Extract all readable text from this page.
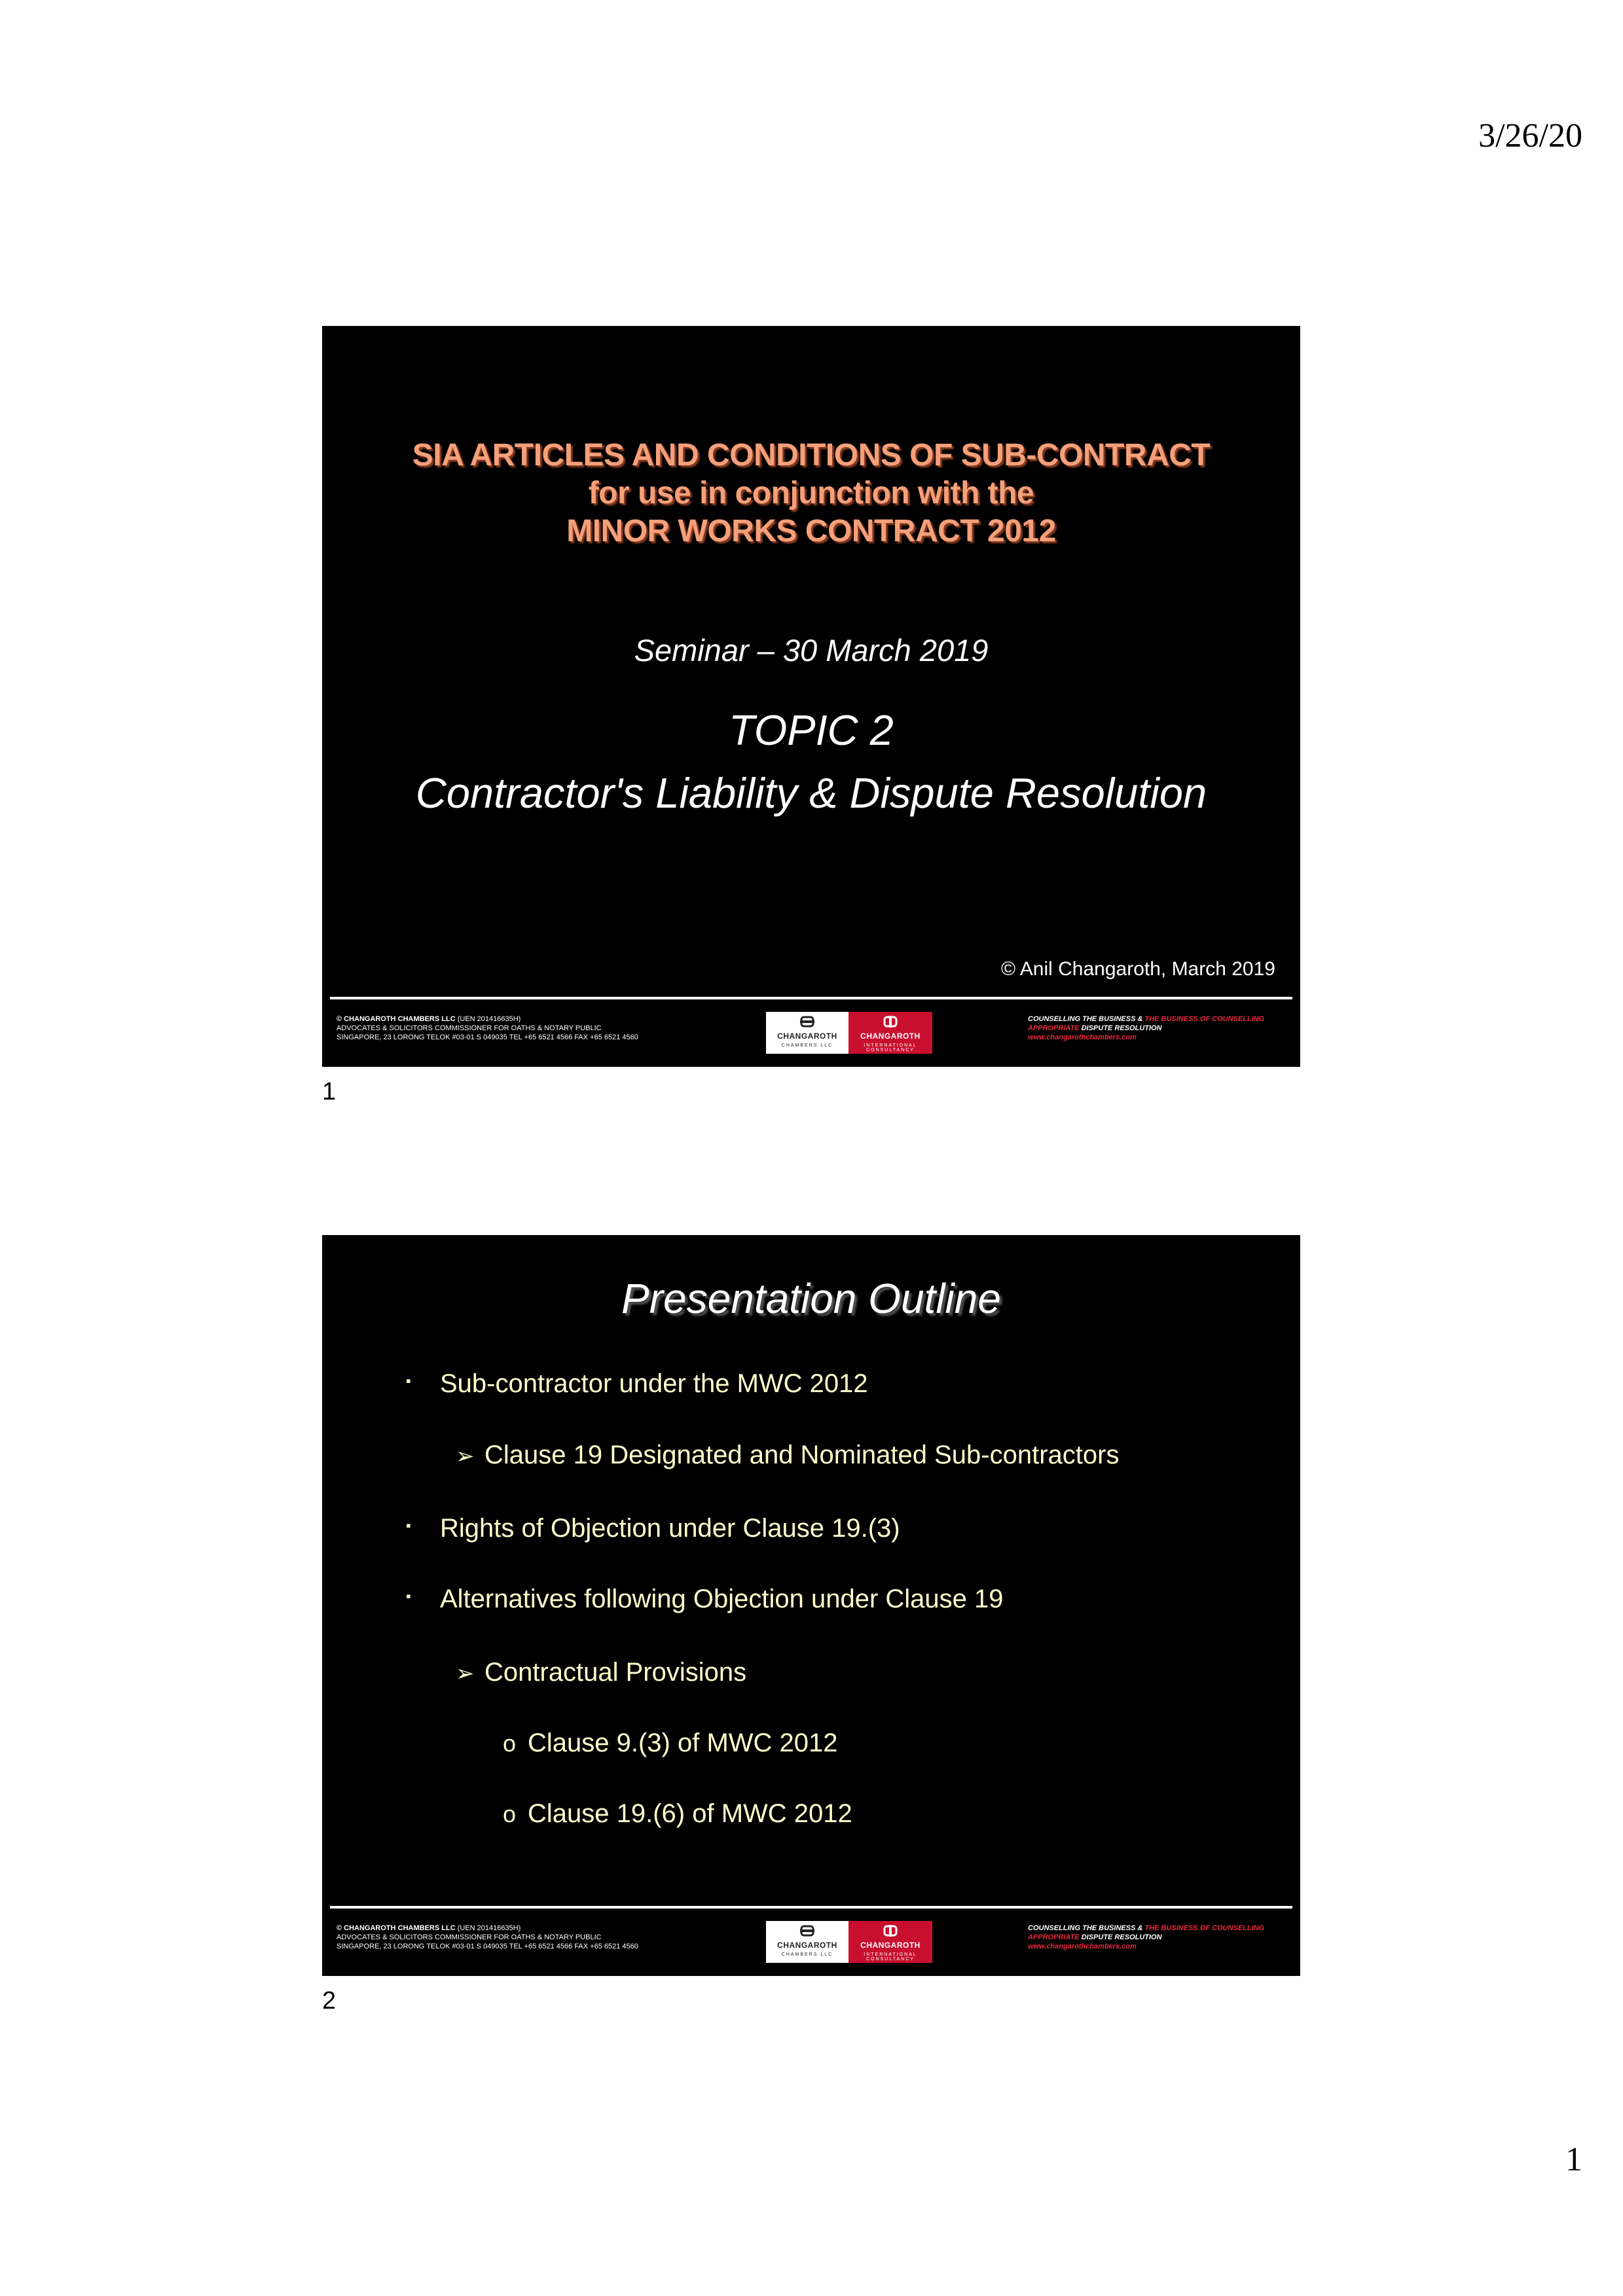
3/26/20
SIA ARTICLES AND CONDITIONS OF SUB-CONTRACT
for use in conjunction with the
MINOR WORKS CONTRACT 2012
Seminar – 30 March 2019
TOPIC 2
Contractor's Liability & Dispute Resolution
© Anil Changaroth, March 2019
© CHANGAROTH CHAMBERS LLC (UEN 201416635H)
ADVOCATES & SOLICITORS COMMISSIONER FOR OATHS & NOTARY PUBLIC
SINGAPORE, 23 LORONG TELOK #03-01 S 049035 TEL +65 6521 4566 FAX +65 6521 4560	CHANGAROTH
CHAMBERS LLC
CHANGAROTH
INTERNATIONAL CONSULTANCY
COUNSELLING THE BUSINESS & THE BUSINESS OF COUNSELLING
APPROPRIATE DISPUTE RESOLUTION
www.changarothchambers.com
1
Presentation Outline
▪ Sub-contractor under the MWC 2012
➢ Clause 19 Designated and Nominated Sub-contractors
▪ Rights of Objection under Clause 19.(3)
▪ Alternatives following Objection under Clause 19
➢ Contractual Provisions
o Clause 9.(3) of MWC 2012
o Clause 19.(6) of MWC 2012
© CHANGAROTH CHAMBERS LLC (UEN 201416635H)
ADVOCATES & SOLICITORS COMMISSIONER FOR OATHS & NOTARY PUBLIC
SINGAPORE, 23 LORONG TELOK #03-01 S 049035 TEL +65 6521 4566 FAX +65 6521 4560	CHANGAROTH
CHAMBERS LLC
CHANGAROTH
INTERNATIONAL CONSULTANCY
COUNSELLING THE BUSINESS & THE BUSINESS OF COUNSELLING
APPROPRIATE DISPUTE RESOLUTION
www.changarothchambers.com
2
1
